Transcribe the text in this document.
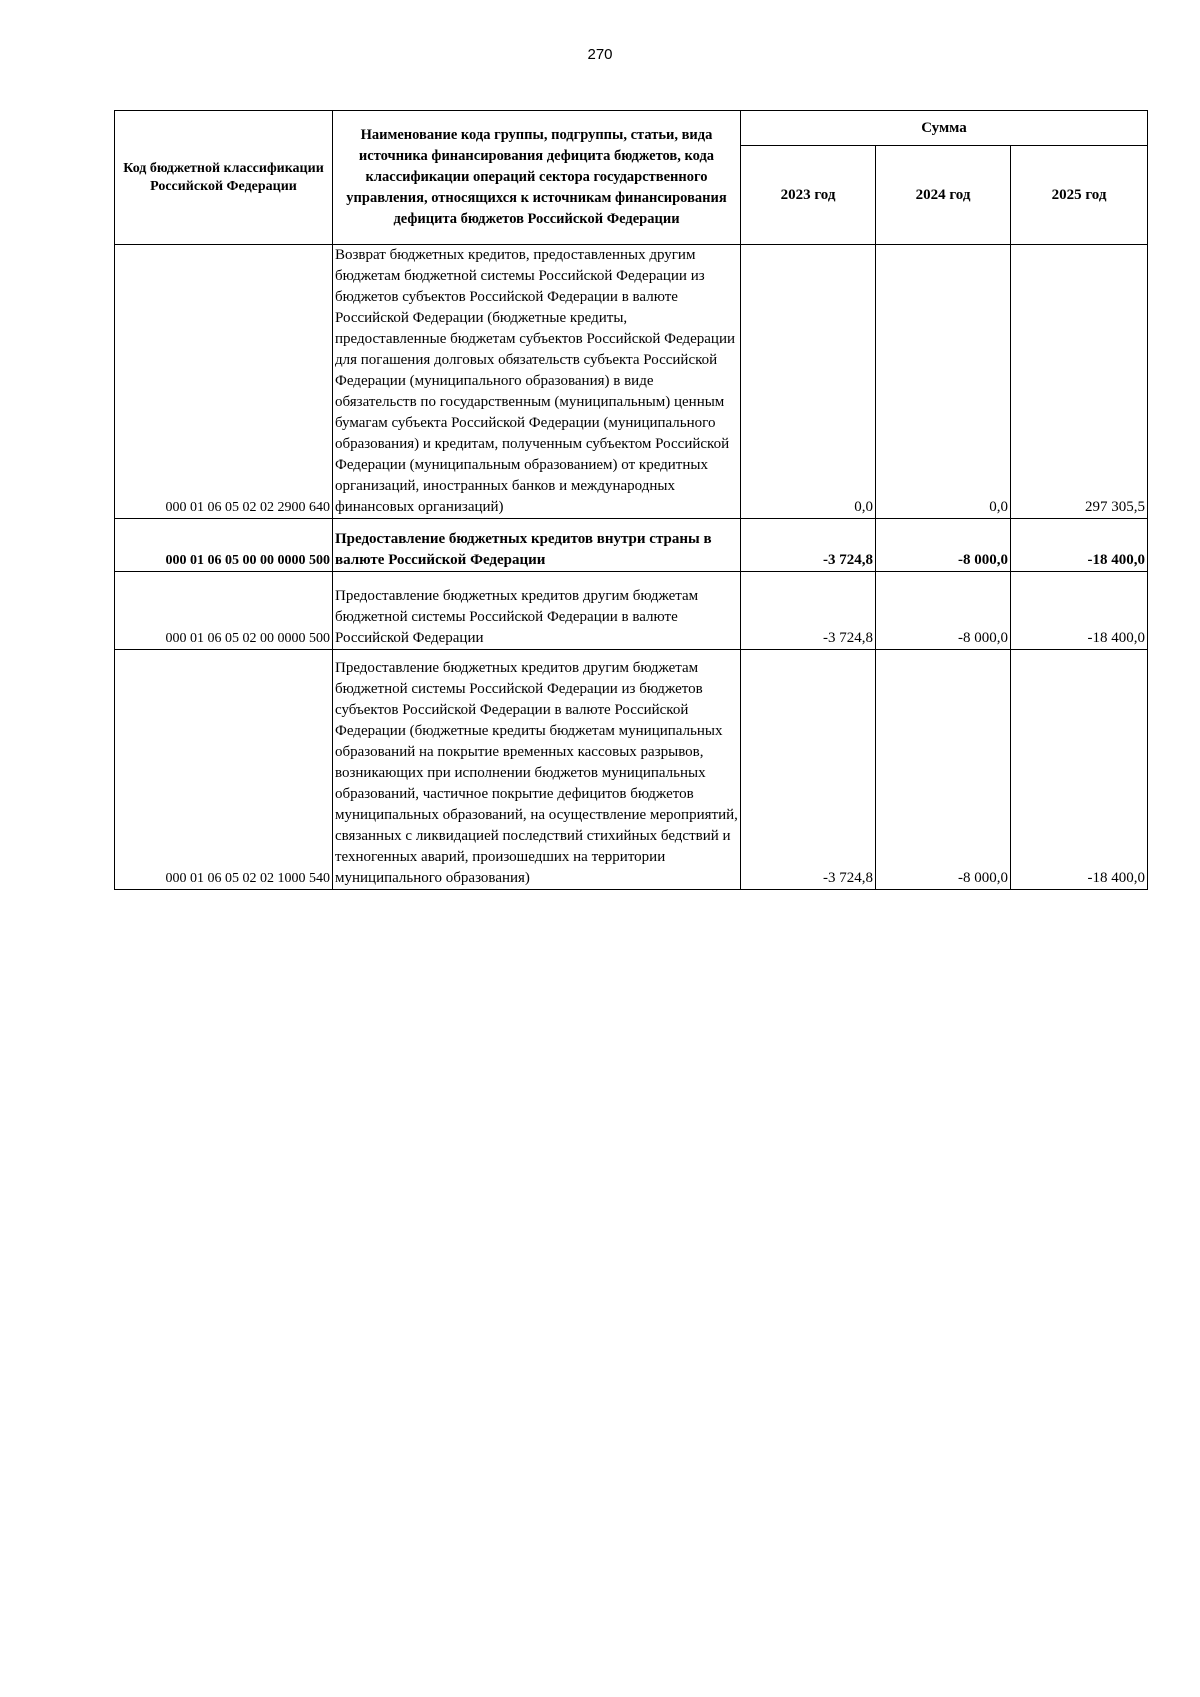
270
Код бюджетной классификации Российской Федерации	Наименование кода группы, подгруппы, статьи, вида источника финансирования дефицита бюджетов, кода классификации операций сектора государственного управления, относящихся к источникам финансирования дефицита бюджетов Российской Федерации	Сумма		
		2023 год	2024 год	2025 год
000 01 06 05 02 02 2900 640	Возврат бюджетных кредитов, предоставленных другим бюджетам бюджетной системы Российской Федерации из бюджетов субъектов Российской Федерации в валюте Российской Федерации (бюджетные кредиты, предоставленные бюджетам субъектов Российской Федерации для погашения долговых обязательств субъекта Российской Федерации (муниципального образования) в виде обязательств по государственным (муниципальным) ценным бумагам субъекта Российской Федерации (муниципального образования) и кредитам, полученным субъектом Российской Федерации (муниципальным образованием) от кредитных организаций, иностранных банков и международных финансовых организаций)	0,0	0,0	297 305,5
000 01 06 05 00 00 0000 500	Предоставление бюджетных кредитов внутри страны в валюте Российской Федерации	-3 724,8	-8 000,0	-18 400,0
000 01 06 05 02 00 0000 500	Предоставление бюджетных кредитов другим бюджетам бюджетной системы Российской Федерации в валюте Российской Федерации	-3 724,8	-8 000,0	-18 400,0
000 01 06 05 02 02 1000 540	Предоставление бюджетных кредитов другим бюджетам бюджетной системы Российской Федерации из бюджетов субъектов Российской Федерации в валюте Российской Федерации (бюджетные кредиты бюджетам муниципальных образований на покрытие временных кассовых разрывов, возникающих при исполнении бюджетов муниципальных образований, частичное покрытие дефицитов бюджетов муниципальных образований, на осуществление мероприятий, связанных с ликвидацией последствий стихийных бедствий и техногенных аварий, произошедших на территории муниципального образования)	-3 724,8	-8 000,0	-18 400,0
